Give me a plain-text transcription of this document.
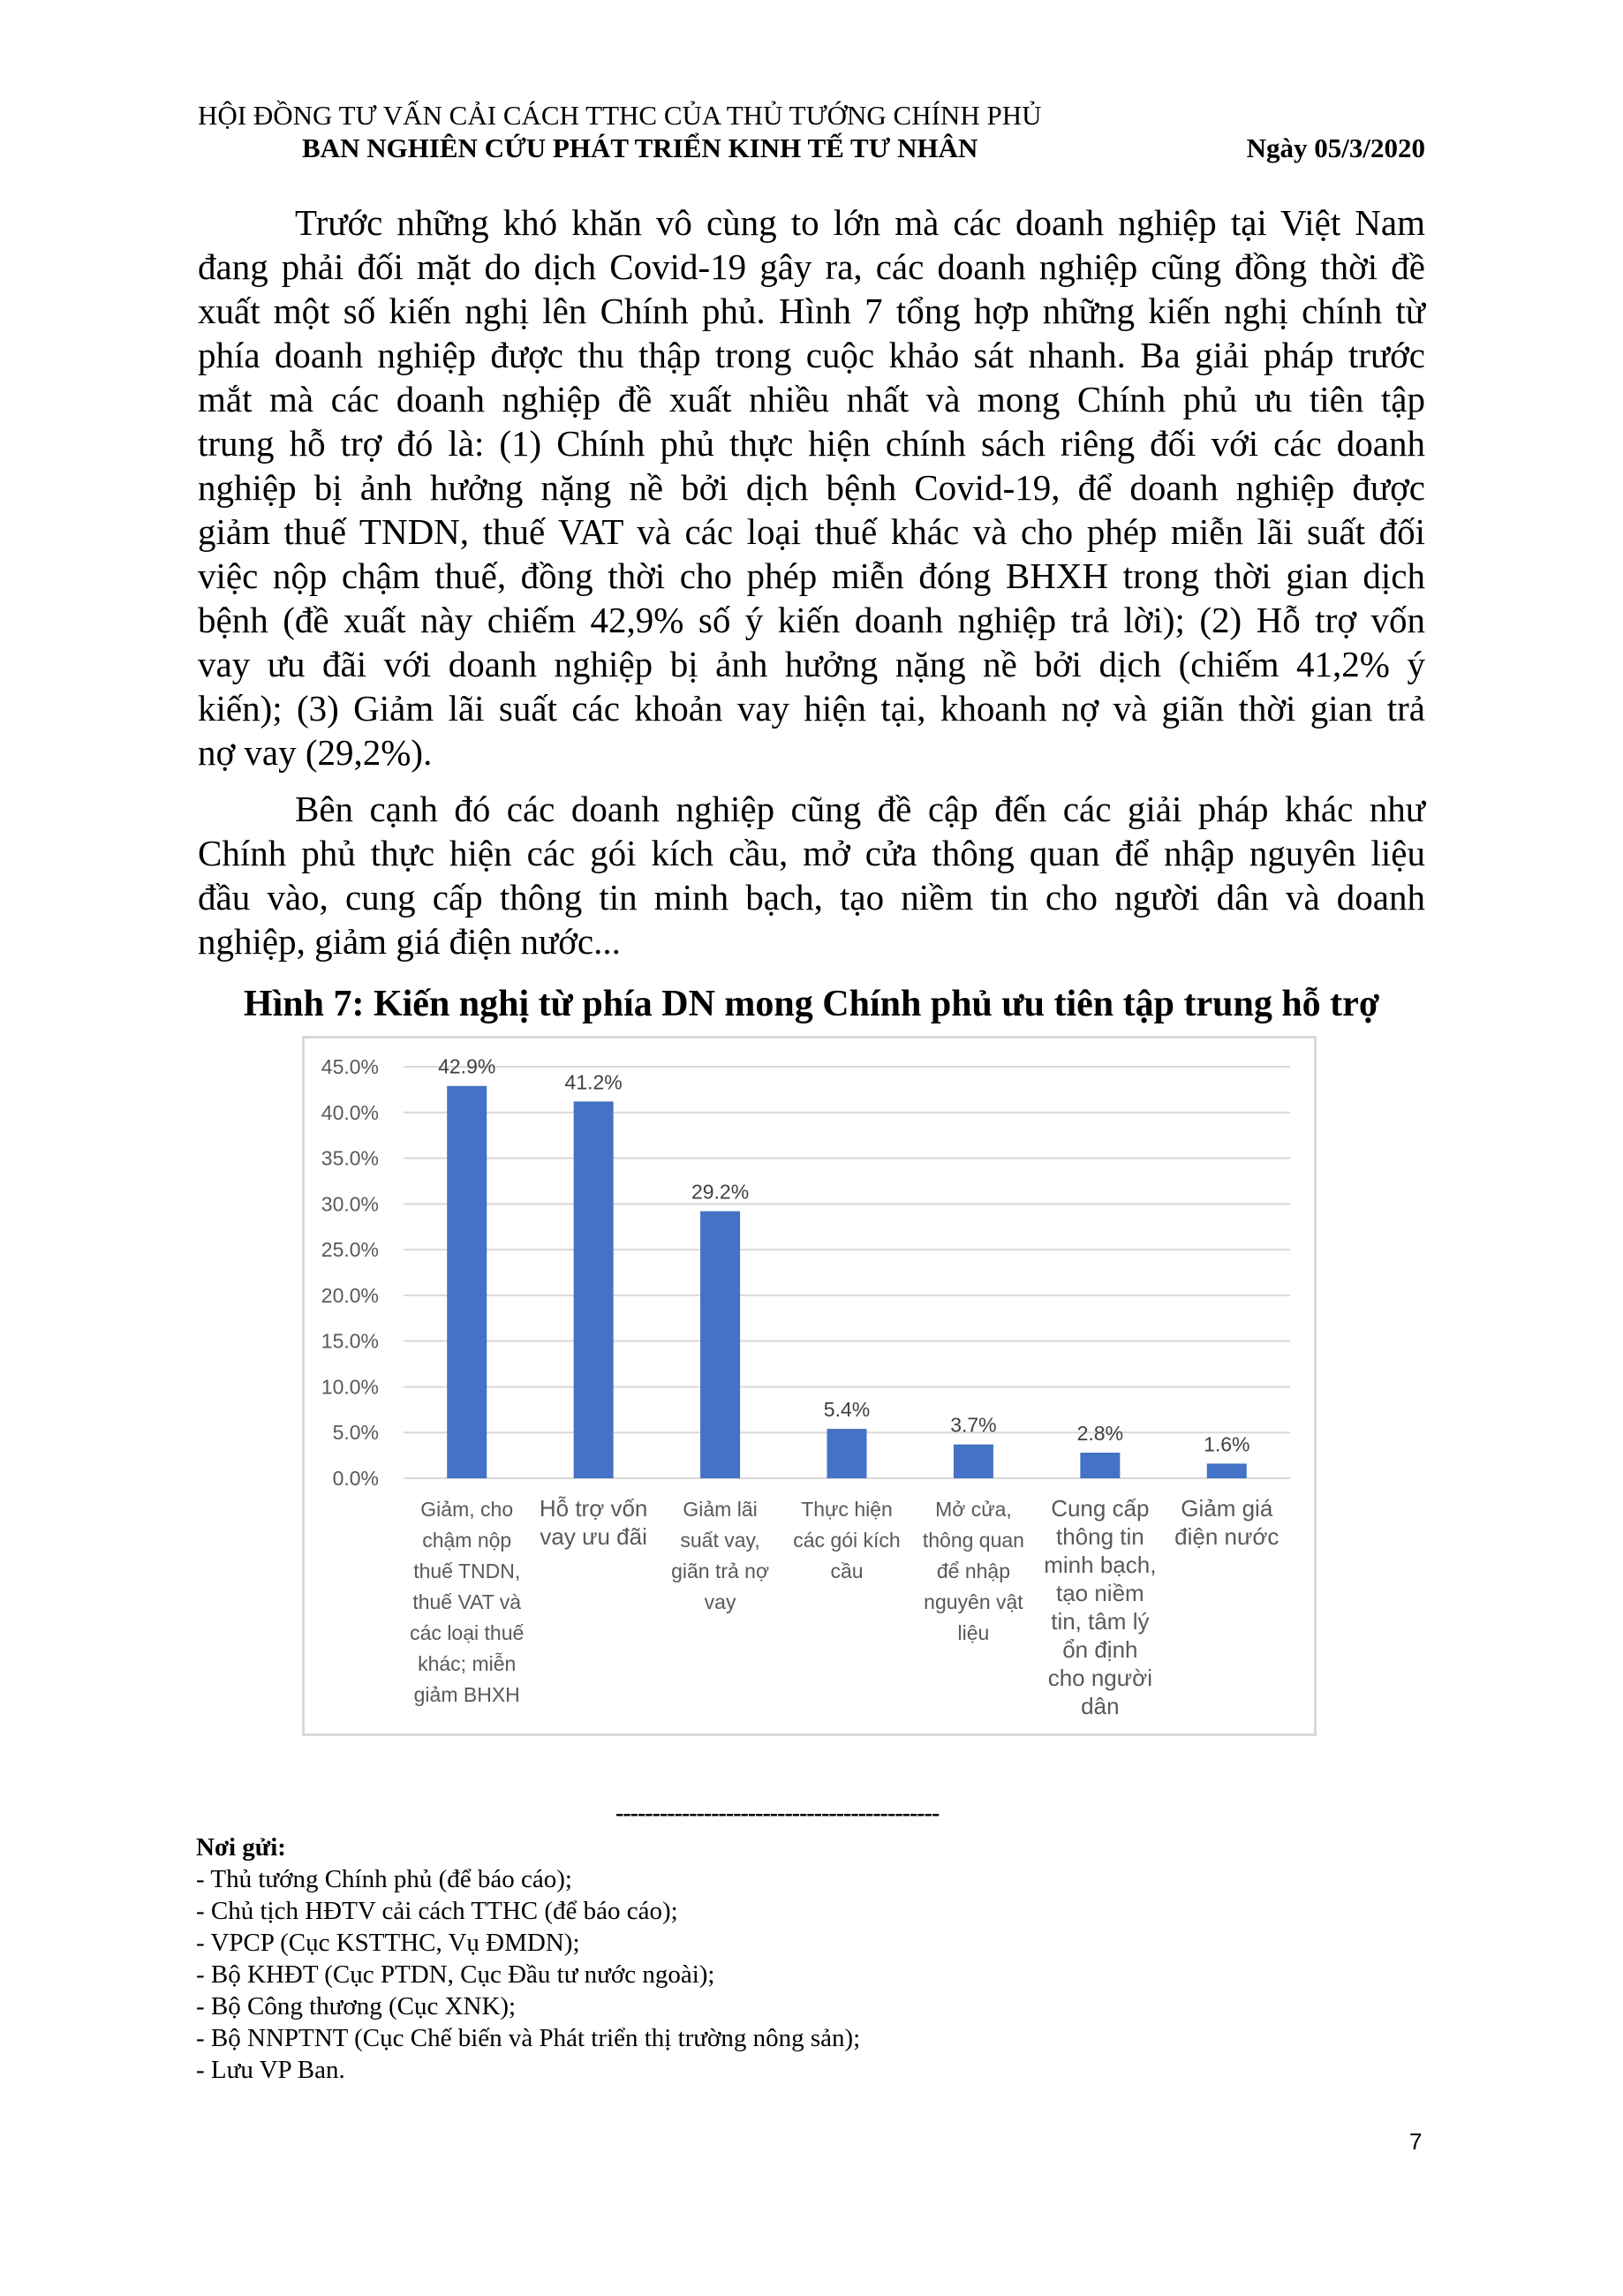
HỘI ĐỒNG TƯ VẤN CẢI CÁCH TTHC CỦA THỦ TƯỚNG CHÍNH PHỦ
BAN NGHIÊN CỨU PHÁT TRIỂN KINH TẾ TƯ NHÂN	Ngày 05/3/2020
Trước những khó khăn vô cùng to lớn mà các doanh nghiệp tại Việt Nam
đang phải đối mặt do dịch Covid-19 gây ra, các doanh nghiệp cũng đồng thời đề
xuất một số kiến nghị lên Chính phủ. Hình 7 tổng hợp những kiến nghị chính từ
phía doanh nghiệp được thu thập trong cuộc khảo sát nhanh. Ba giải pháp trước
mắt mà các doanh nghiệp đề xuất nhiều nhất và mong Chính phủ ưu tiên tập
trung hỗ trợ đó là: (1) Chính phủ thực hiện chính sách riêng đối với các doanh
nghiệp bị ảnh hưởng nặng nề bởi dịch bệnh Covid-19, để doanh nghiệp được
giảm thuế TNDN, thuế VAT và các loại thuế khác và cho phép miễn lãi suất đối
việc nộp chậm thuế, đồng thời cho phép miễn đóng BHXH trong thời gian dịch
bệnh (đề xuất này chiếm 42,9% số ý kiến doanh nghiệp trả lời); (2) Hỗ trợ vốn
vay ưu đãi với doanh nghiệp bị ảnh hưởng nặng nề bởi dịch (chiếm 41,2% ý
kiến); (3) Giảm lãi suất các khoản vay hiện tại, khoanh nợ và giãn thời gian trả
nợ vay (29,2%).
Bên cạnh đó các doanh nghiệp cũng đề cập đến các giải pháp khác như
Chính phủ thực hiện các gói kích cầu, mở cửa thông quan để nhập nguyên liệu
đầu vào, cung cấp thông tin minh bạch, tạo niềm tin cho người dân và doanh
nghiệp, giảm giá điện nước...
Hình 7: Kiến nghị từ phía DN mong Chính phủ ưu tiên tập trung hỗ trợ
0.0%
5.0%
10.0%
15.0%
20.0%
25.0%
30.0%
35.0%
40.0%
45.0%	42.9%
Giảm, cho
chậm nộp
thuế TNDN,
thuế VAT và
các loại thuế
khác; miễn
giảm BHXH
41.2%
Hỗ trợ vốn
vay ưu đãi
29.2%
Giảm lãi
suất vay,
giãn trả nợ
vay
5.4%
Thực hiện
các gói kích
cầu
3.7%
Mở cửa,
thông quan
để nhập
nguyên vật
liệu
2.8%
Cung cấp
thông tin
minh bạch,
tạo niềm
tin, tâm lý
ổn định
cho người
dân
1.6%
Giảm giá
điện nước
--------------------------------------------
Nơi gửi:
- Thủ tướng Chính phủ (để báo cáo);
- Chủ tịch HĐTV cải cách TTHC (để báo cáo);
- VPCP (Cục KSTTHC, Vụ ĐMDN);
- Bộ KHĐT (Cục PTDN, Cục Đầu tư nước ngoài);
- Bộ Công thương (Cục XNK);
- Bộ NNPTNT (Cục Chế biến và Phát triển thị trường nông sản);
- Lưu VP Ban.
7
